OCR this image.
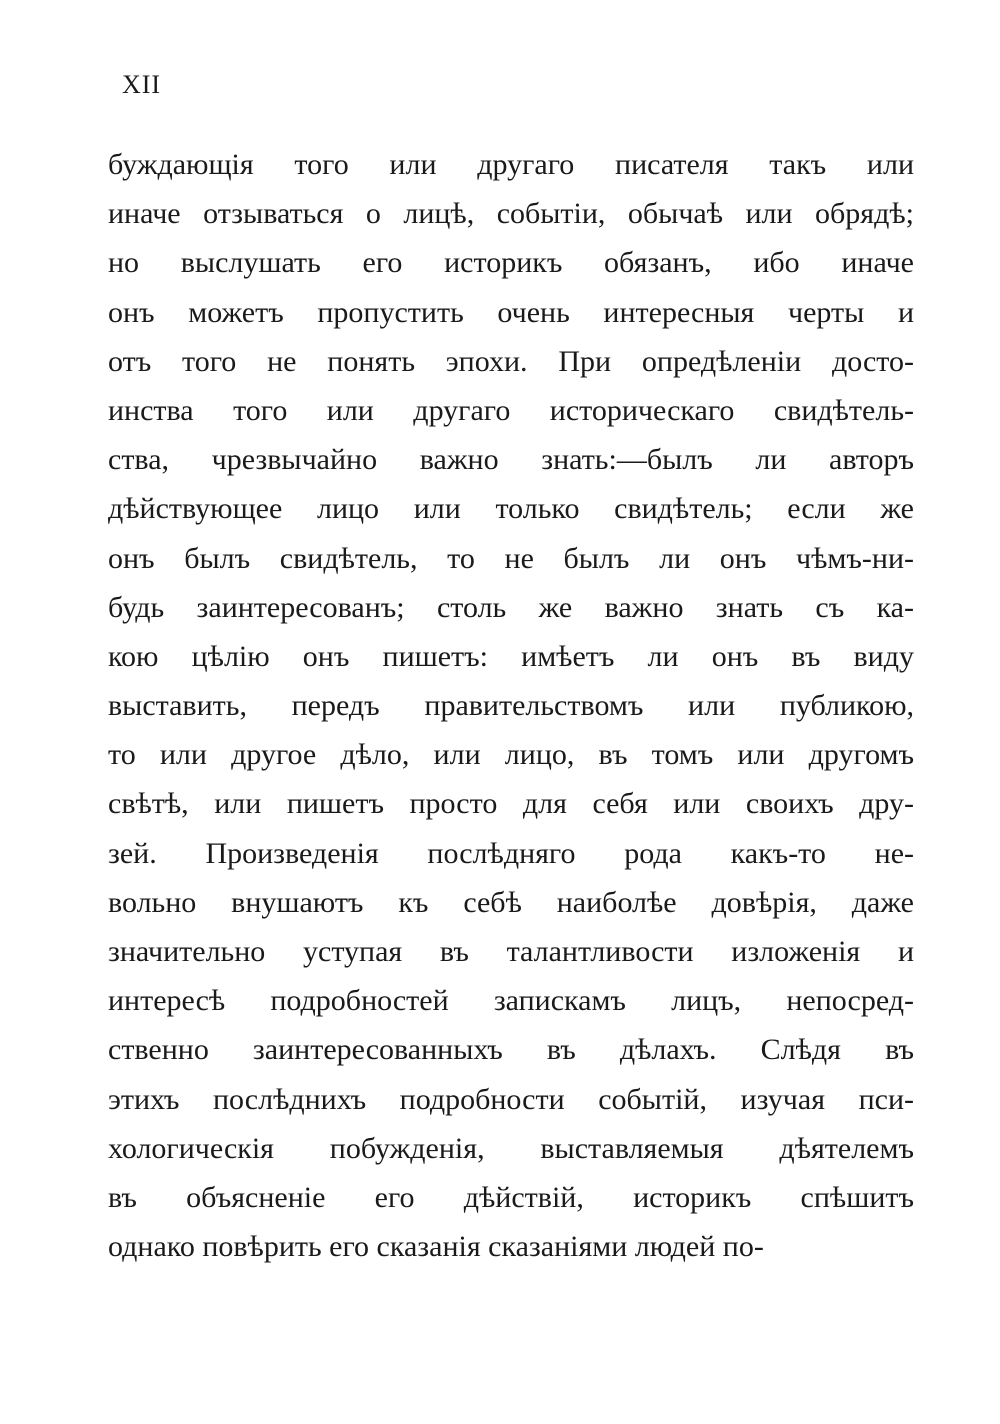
XII
буждающія того или другаго писателя такъ или
иначе отзываться о лицѣ, событіи, обычаѣ или обрядѣ;
но выслушать его историкъ обязанъ, ибо иначе
онъ можетъ пропустить очень интересныя черты и
отъ того не понять эпохи. При опредѣленіи досто-
инства того или другаго историческаго свидѣтель-
ства, чрезвычайно важно знать:—былъ ли авторъ
дѣйствующее лицо или только свидѣтель; если же
онъ былъ свидѣтель, то не былъ ли онъ чѣмъ-ни-
будь заинтересованъ; столь же важно знать съ ка-
кою цѣлію онъ пишетъ: имѣетъ ли онъ въ виду
выставить, передъ правительствомъ или публикою,
то или другое дѣло, или лицо, въ томъ или другомъ
свѣтѣ, или пишетъ просто для себя или своихъ дру-
зей. Произведенія послѣдняго рода какъ-то не-
вольно внушаютъ къ себѣ наиболѣе довѣрія, даже
значительно уступая въ талантливости изложенія и
интересѣ подробностей запискамъ лицъ, непосред-
ственно заинтересованныхъ въ дѣлахъ. Слѣдя въ
этихъ послѣднихъ подробности событій, изучая пси-
хологическія побужденія, выставляемыя дѣятелемъ
въ объясненіе его дѣйствій, историкъ спѣшитъ
однако повѣрить его сказанія сказаніями людей по-
